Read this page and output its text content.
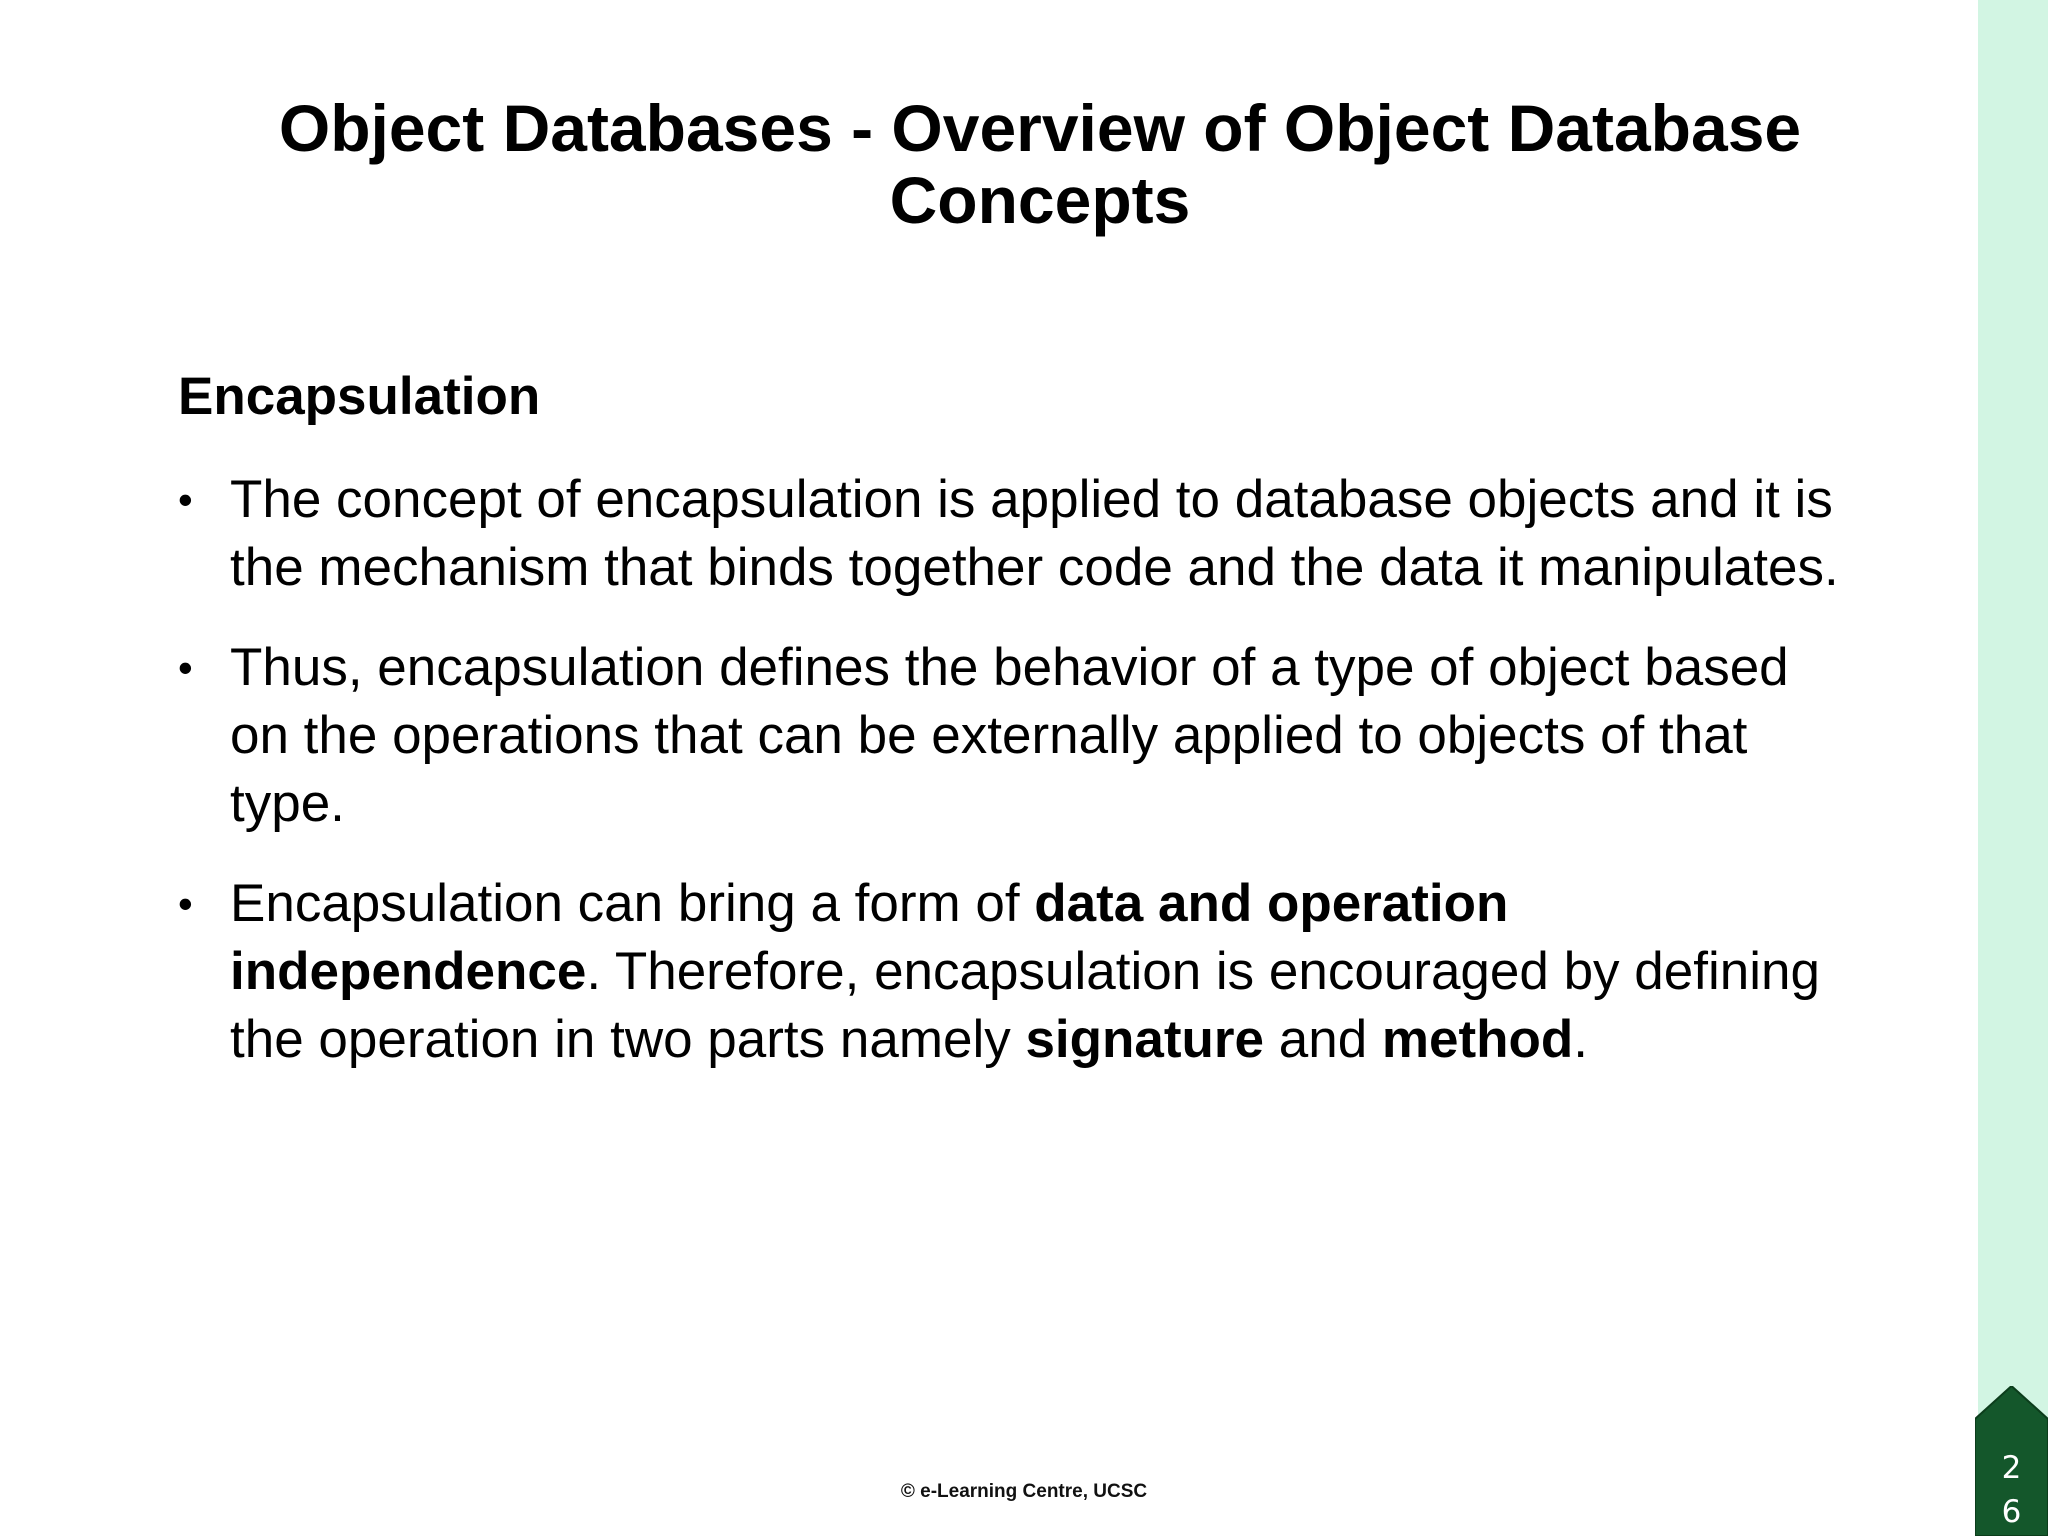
Object Databases - Overview of Object Database
Concepts
Encapsulation
• The concept of encapsulation is applied to database objects and it is the mechanism that binds together code and the data it manipulates.
• Thus, encapsulation defines the behavior of a type of object based on the operations that can be externally applied to objects of that type.
• Encapsulation can bring a form of data and operation independence. Therefore, encapsulation is encouraged by defining the operation in two parts namely signature and method.
© e-Learning Centre, UCSC
2
6
